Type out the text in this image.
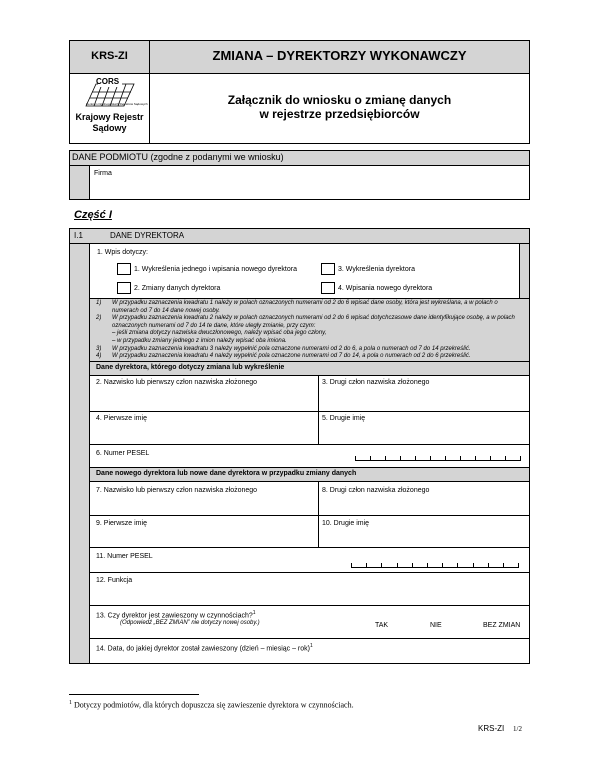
KRS-ZI	ZMIANA – DYREKTORZY WYKONAWCZY
CORS
Centrum Ogólnopolskich Rejestrów Sądowych
Krajowy Rejestr
Sądowy
Załącznik do wniosku o zmianę danych
w rejestrze przedsiębiorców
DANE PODMIOTU (zgodne z podanymi we wniosku)
Firma
Część I
I.1	DANE DYREKTORA
1. Wpis dotyczy:
1. Wykreślenia jednego i wpisania nowego dyrektora
2. Zmiany danych dyrektora
3. Wykreślenia dyrektora
4. Wpisania nowego dyrektora
1)	W przypadku zaznaczenia kwadratu 1 należy w polach oznaczonych numerami od 2 do 6 wpisać dane osoby, która jest wykreślana, a w polach o numerach od 7 do 14 dane nowej osoby.
2)	W przypadku zaznaczenia kwadratu 2 należy w polach oznaczonych numerami od 2 do 6 wpisać dotychczasowe dane identyfikujące osobę, a w polach oznaczonych numerami od 7 do 14 te dane, które uległy zmianie, przy czym:
– jeśli zmiana dotyczy nazwiska dwuczłonowego, należy wpisać oba jego człony,
– w przypadku zmiany jednego z imion należy wpisać oba imiona.
3)	W przypadku zaznaczenia kwadratu 3 należy wypełnić pola oznaczone numerami od 2 do 6, a pola o numerach od 7 do 14 przekreślić.
4)	W przypadku zaznaczenia kwadratu 4 należy wypełnić pola oznaczone numerami od 7 do 14, a pola o numerach od 2 do 6 przekreślić.
Dane dyrektora, którego dotyczy zmiana lub wykreślenie
2. Nazwisko lub pierwszy człon nazwiska złożonego	3. Drugi człon nazwiska złożonego
4. Pierwsze imię	5. Drugie imię
6. Numer PESEL
Dane nowego dyrektora lub nowe dane dyrektora w przypadku zmiany danych
7. Nazwisko lub pierwszy człon nazwiska złożonego	8. Drugi człon nazwiska złożonego
9. Pierwsze imię	10. Drugie imię
11. Numer PESEL
12. Funkcja
13. Czy dyrektor jest zawieszony w czynnościach?$^1$
(Odpowiedź „BEZ ZMIAN” nie dotyczy nowej osoby.)	TAK	NIE	BEZ ZMIAN
14. Data, do jakiej dyrektor został zawieszony (dzień – miesiąc – rok)$^1$
$^1$ Dotyczy podmiotów, dla których dopuszcza się zawieszenie dyrektora w czynnościach.
KRS-ZI 1/2
